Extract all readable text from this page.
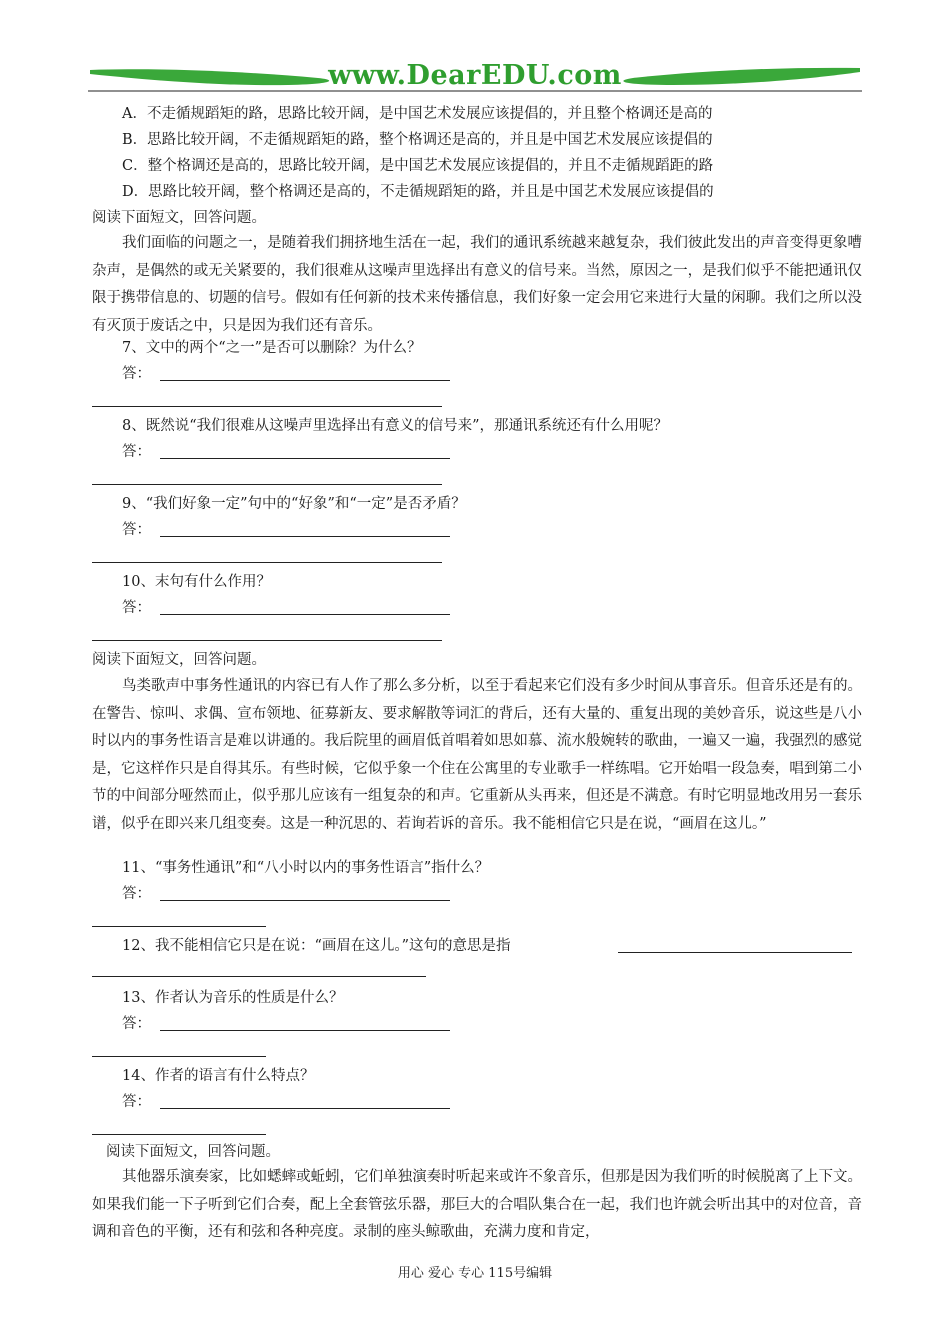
www.DearEDU.com
A．不走循规蹈矩的路，思路比较开阔，是中国艺术发展应该提倡的，并且整个格调还是高的
B．思路比较开阔，不走循规蹈矩的路，整个格调还是高的，并且是中国艺术发展应该提倡的
C．整个格调还是高的，思路比较开阔，是中国艺术发展应该提倡的，并且不走循规蹈距的路
D．思路比较开阔，整个格调还是高的，不走循规蹈矩的路，并且是中国艺术发展应该提倡的
阅读下面短文，回答问题。
我们面临的问题之一，是随着我们拥挤地生活在一起，我们的通讯系统越来越复杂，我们彼此发出的声音变得更象嘈杂声，是偶然的或无关紧要的，我们很难从这噪声里选择出有意义的信号来。当然，原因之一，是我们似乎不能把通讯仅限于携带信息的、切题的信号。假如有任何新的技术来传播信息，我们好象一定会用它来进行大量的闲聊。我们之所以没有灭顶于废话之中，只是因为我们还有音乐。
7、文中的两个“之一”是否可以删除？为什么？
答：
8、既然说“我们很难从这噪声里选择出有意义的信号来”，那通讯系统还有什么用呢？
答：
9、“我们好象一定”句中的“好象”和“一定”是否矛盾？
答：
10、末句有什么作用？
答：
阅读下面短文，回答问题。
鸟类歌声中事务性通讯的内容已有人作了那么多分析，以至于看起来它们没有多少时间从事音乐。但音乐还是有的。在警告、惊叫、求偶、宣布领地、征募新友、要求解散等词汇的背后，还有大量的、重复出现的美妙音乐，说这些是八小时以内的事务性语言是难以讲通的。我后院里的画眉低首唱着如思如慕、流水般婉转的歌曲，一遍又一遍，我强烈的感觉是，它这样作只是自得其乐。有些时候，它似乎象一个住在公寓里的专业歌手一样练唱。它开始唱一段急奏，唱到第二小节的中间部分哑然而止，似乎那儿应该有一组复杂的和声。它重新从头再来，但还是不满意。有时它明显地改用另一套乐谱，似乎在即兴来几组变奏。这是一种沉思的、若询若诉的音乐。我不能相信它只是在说，“画眉在这儿。”
11、“事务性通讯”和“八小时以内的事务性语言”指什么？
答：
12、我不能相信它只是在说：“画眉在这儿。”这句的意思是指
13、作者认为音乐的性质是什么？
答：
14、作者的语言有什么特点？
答：
阅读下面短文，回答问题。
其他器乐演奏家，比如蟋蟀或蚯蚓，它们单独演奏时听起来或许不象音乐，但那是因为我们听的时候脱离了上下文。如果我们能一下子听到它们合奏，配上全套管弦乐器，那巨大的合唱队集合在一起，我们也许就会听出其中的对位音，音调和音色的平衡，还有和弦和各种亮度。录制的座头鲸歌曲，充满力度和肯定，
用心 爱心 专心 115号编辑
